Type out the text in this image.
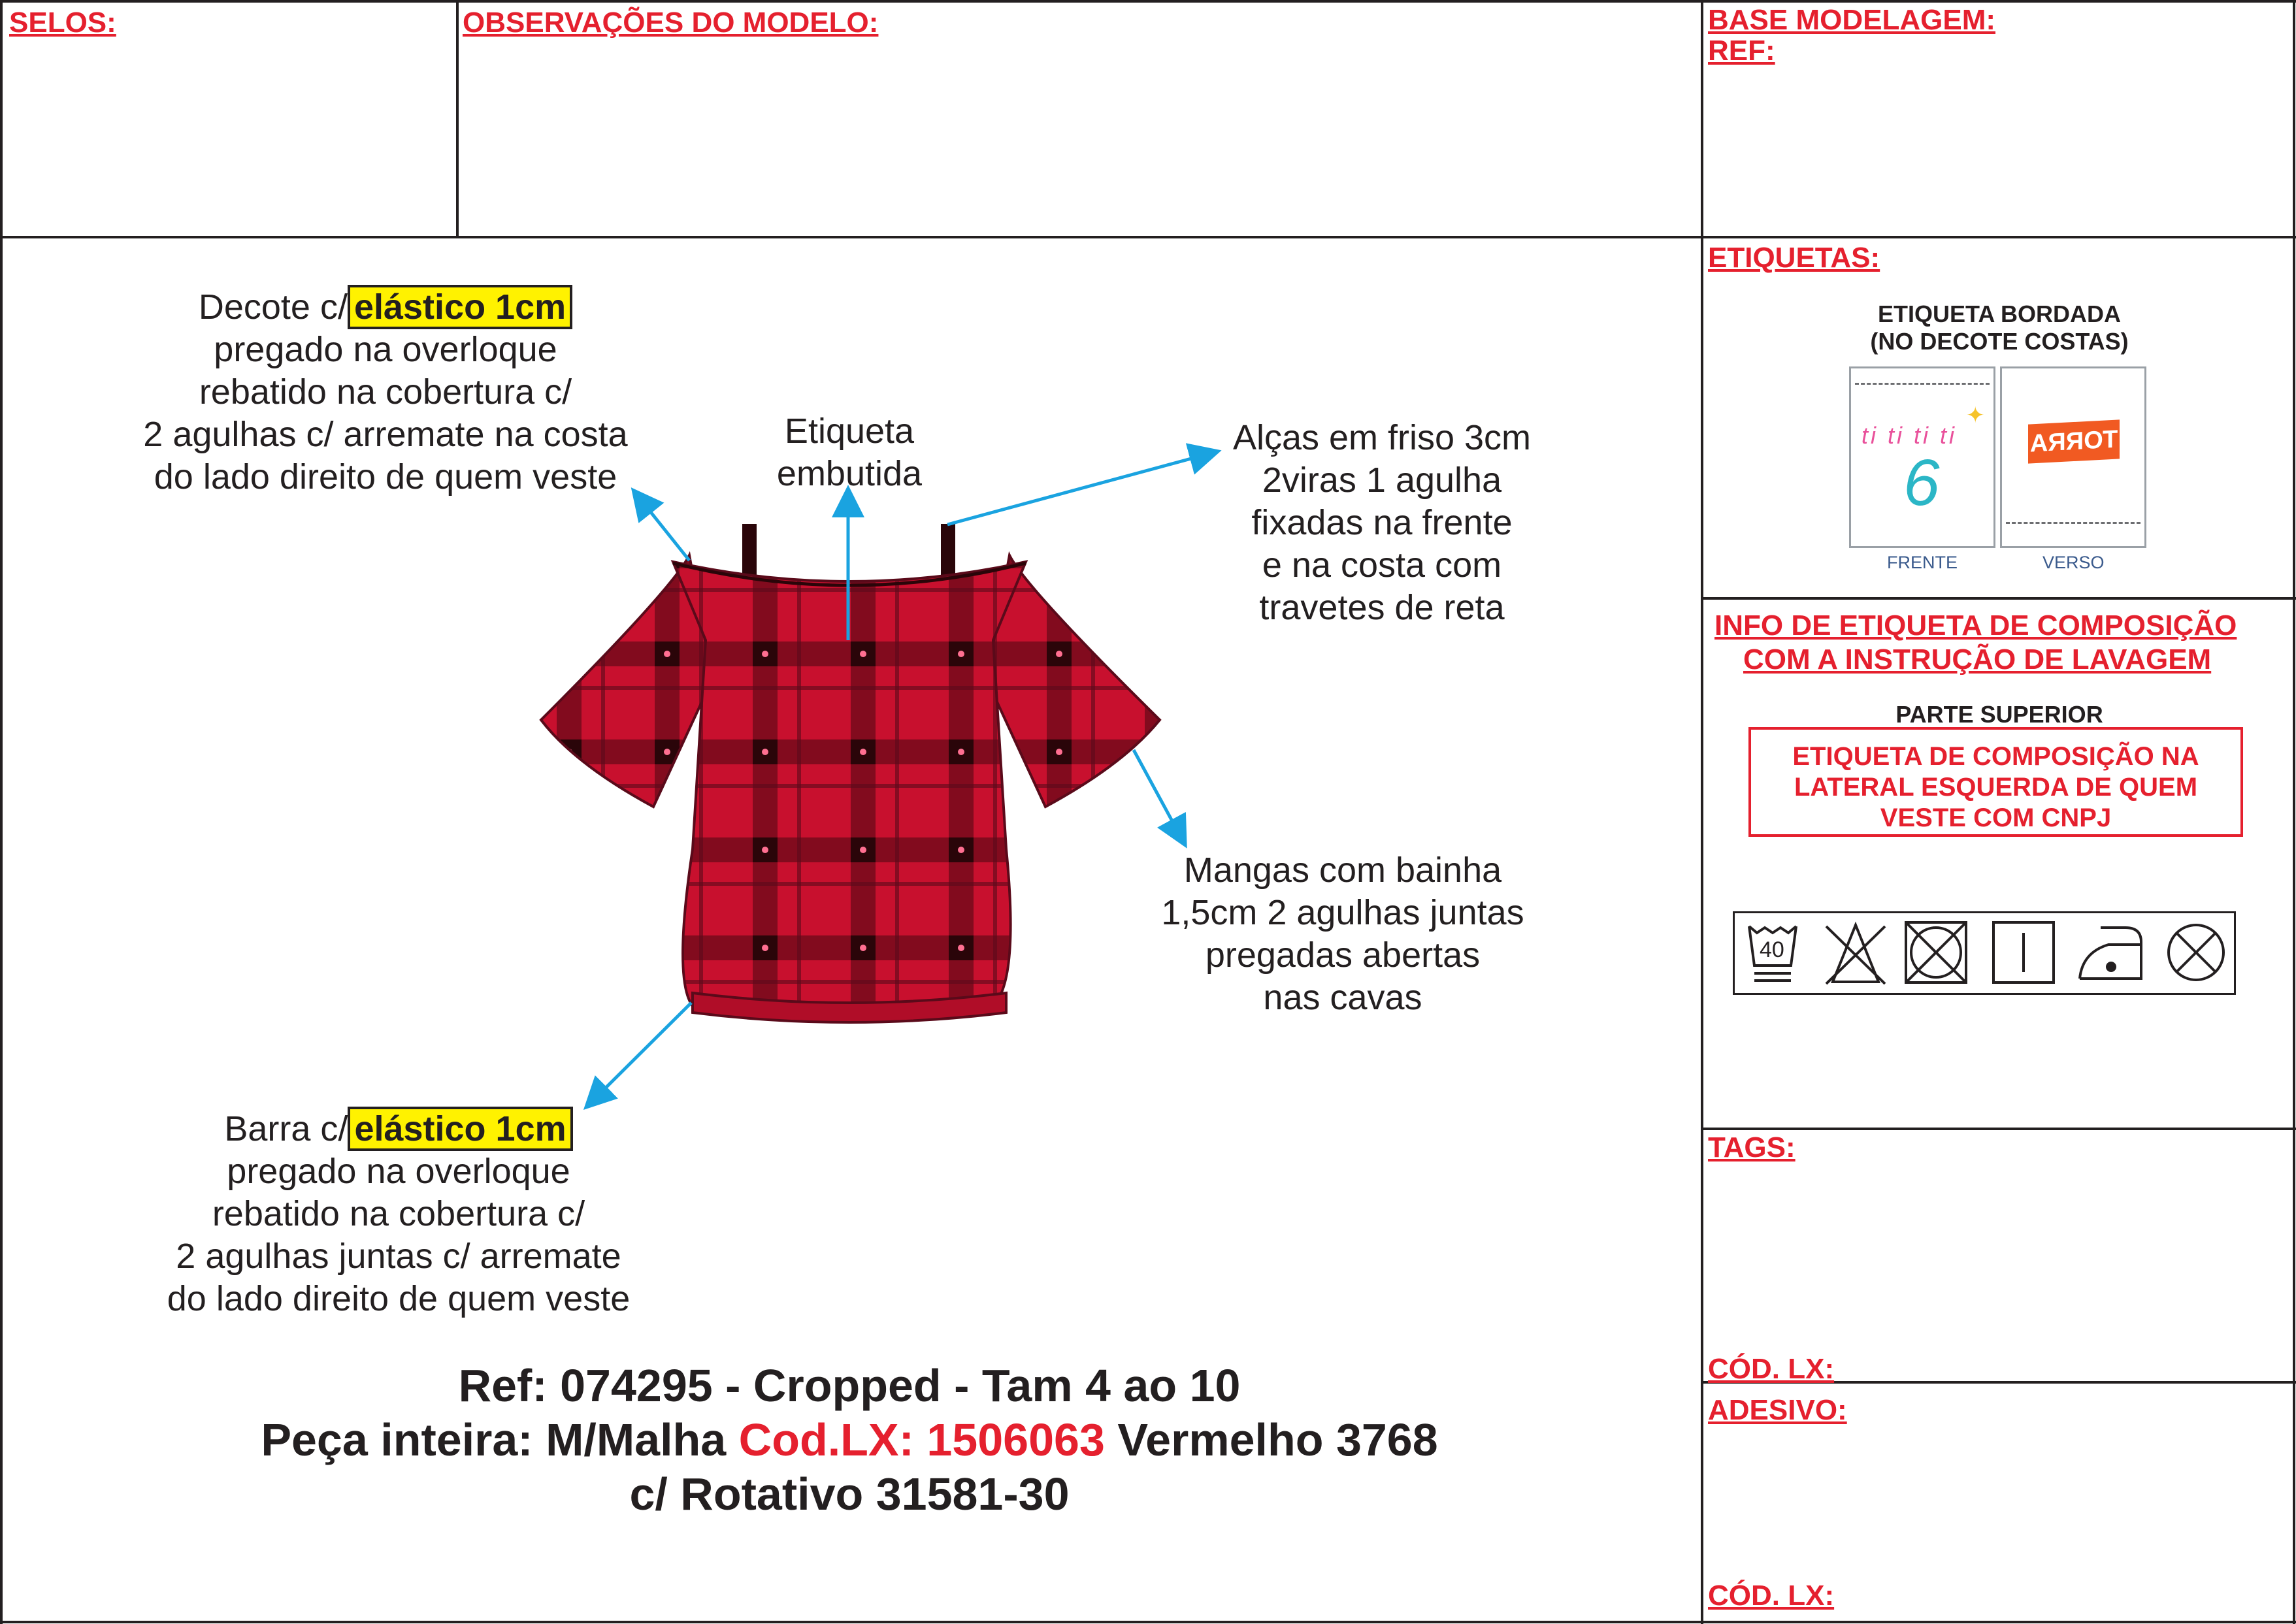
SELOS:	OBSERVAÇÕES DO MODELO:	BASE MODELAGEM:
REF:
ETIQUETAS:
INFO DE ETIQUETA DE COMPOSIÇÃO
COM A INSTRUÇÃO DE LAVAGEM
TAGS:
CÓD. LX:
ADESIVO:
CÓD. LX:
ETIQUETA BORDADA
(NO DECOTE COSTAS)
ti ti ti ti
6
✦
TORRA
FRENTE	VERSO
PARTE SUPERIOR
ETIQUETA DE COMPOSIÇÃO NA
LATERAL ESQUERDA DE QUEM
VESTE COM CNPJ
40
Decote c/ elástico 1cm
pregado na overloque
rebatido na cobertura c/
2 agulhas c/ arremate na costa
do lado direito de quem veste
Etiqueta
embutida
Alças em friso 3cm
2viras 1 agulha
fixadas na frente
e na costa com
travetes de reta
Mangas com bainha
1,5cm 2 agulhas juntas
pregadas abertas
nas cavas
Barra c/ elástico 1cm
pregado na overloque
rebatido na cobertura c/
2 agulhas juntas c/ arremate
do lado direito de quem veste
Ref: 074295 - Cropped - Tam 4 ao 10
Peça inteira: M/Malha Cod.LX: 1506063 Vermelho 3768
c/ Rotativo 31581-30
